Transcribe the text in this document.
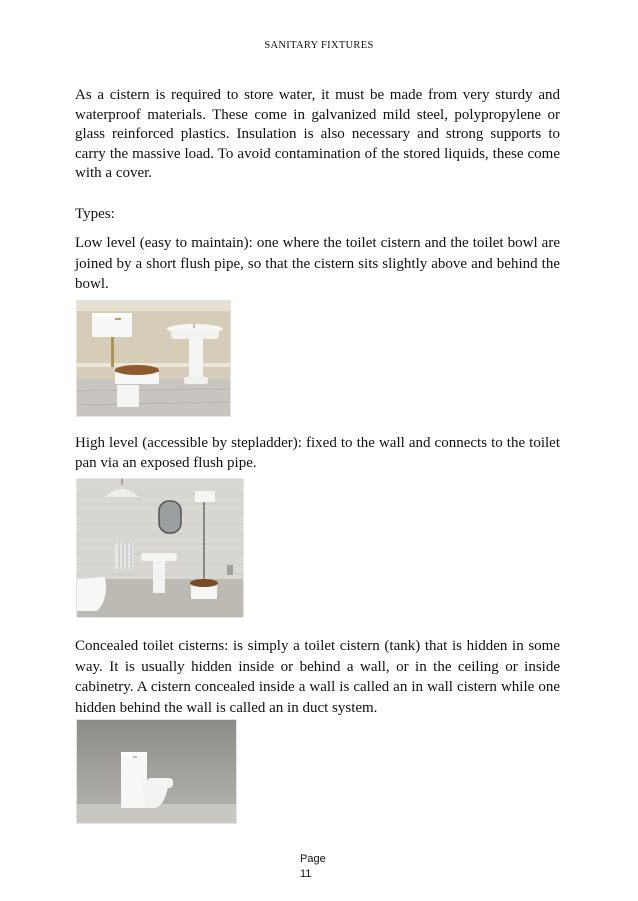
SANITARY FIXTURES

As a cistern is required to store water, it must be made from very sturdy and waterproof materials. These come in galvanized mild steel, polypropylene or glass reinforced plastics. Insulation is also necessary and strong supports to carry the massive load. To avoid contamination of the stored liquids, these come with a cover.

Types:

Low level (easy to maintain): one where the toilet cistern and the toilet bowl are joined by a short flush pipe, so that the cistern sits slightly above and behind the bowl.

High level (accessible by stepladder): fixed to the wall and connects to the toilet pan via an exposed flush pipe.

Concealed toilet cisterns: is simply a toilet cistern (tank) that is hidden in some way. It is usually hidden inside or behind a wall, or in the ceiling or inside cabinetry. A cistern concealed inside a wall is called an in wall cistern while one hidden behind the wall is called an in duct system.

Page
11
